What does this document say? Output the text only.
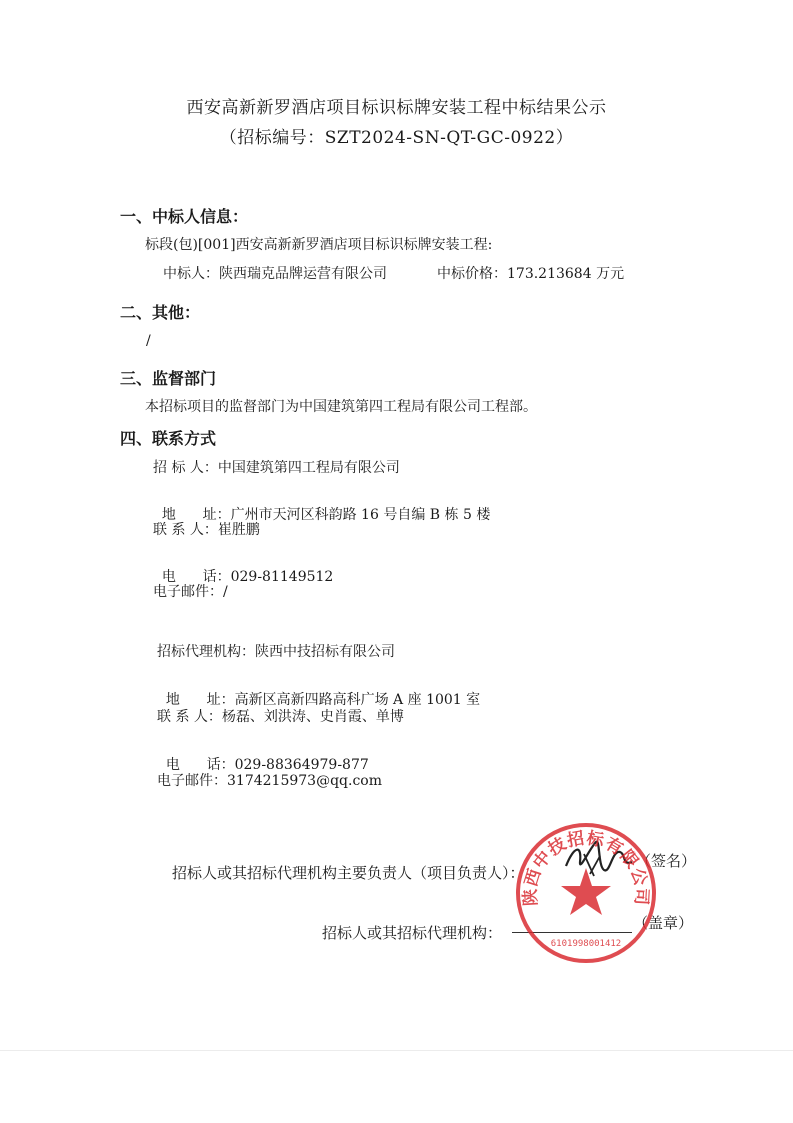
西安高新新罗酒店项目标识标牌安装工程中标结果公示
（招标编号：SZT2024-SN-QT-GC-0922）
一、中标人信息：
标段(包)[001]西安高新新罗酒店项目标识标牌安装工程:
中标人：陕西瑞克品牌运营有限公司	中标价格：173.213684 万元
二、其他：
/
三、监督部门
本招标项目的监督部门为中国建筑第四工程局有限公司工程部。
四、联系方式
招 标 人：中国建筑第四工程局有限公司

地      址：广州市天河区科韵路 16 号自编 B 栋 5 楼

联 系 人：崔胜鹏

电      话：029-81149512

电子邮件：/
招标代理机构：陕西中技招标有限公司

地      址：高新区高新四路高科广场 A 座 1001 室

联 系 人：杨磊、刘洪涛、史肖霞、单博

电      话：029-88364979-877

电子邮件：3174215973@qq.com
招标人或其招标代理机构主要负责人（项目负责人）：
（签名）
招标人或其招标代理机构：
（盖章）
陕西中技招标有限公司
6101998001412
